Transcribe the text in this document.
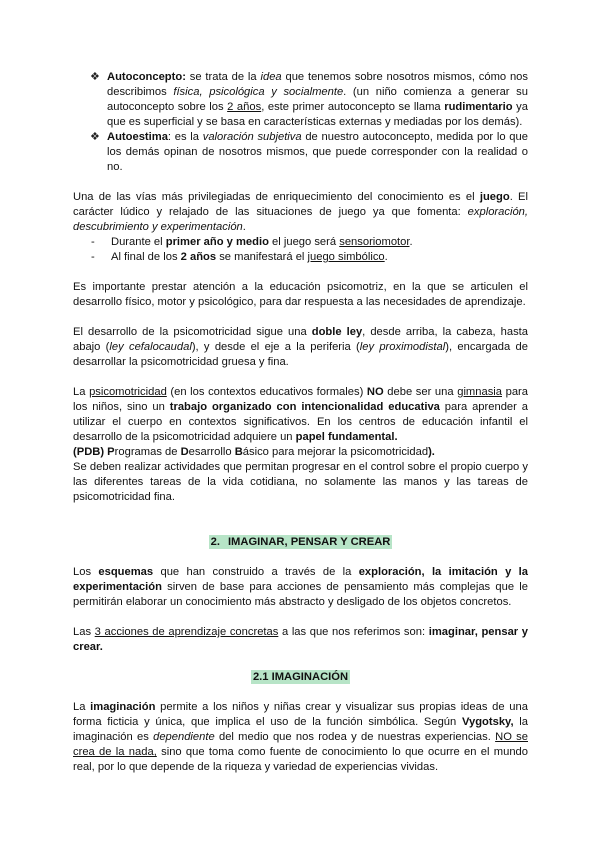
❖ Autoconcepto: se trata de la idea que tenemos sobre nosotros mismos, cómo nos describimos física, psicológica y socialmente. (un niño comienza a generar su autoconcepto sobre los 2 años, este primer autoconcepto se llama rudimentario ya que es superficial y se basa en características externas y mediadas por los demás).
❖ Autoestima: es la valoración subjetiva de nuestro autoconcepto, medida por lo que los demás opinan de nosotros mismos, que puede corresponder con la realidad o no.

Una de las vías más privilegiadas de enriquecimiento del conocimiento es el juego. El carácter lúdico y relajado de las situaciones de juego ya que fomenta: exploración, descubrimiento y experimentación.

- Durante el primer año y medio el juego será sensoriomotor.
- Al final de los 2 años se manifestará el juego simbólico.

Es importante prestar atención a la educación psicomotriz, en la que se articulen el desarrollo físico, motor y psicológico, para dar respuesta a las necesidades de aprendizaje.

El desarrollo de la psicomotricidad sigue una doble ley, desde arriba, la cabeza, hasta abajo (ley cefalocaudal), y desde el eje a la periferia (ley proximodistal), encargada de desarrollar la psicomotricidad gruesa y fina.

La psicomotricidad (en los contextos educativos formales) NO debe ser una gimnasia para los niños, sino un trabajo organizado con intencionalidad educativa para aprender a utilizar el cuerpo en contextos significativos. En los centros de educación infantil el desarrollo de la psicomotricidad adquiere un papel fundamental.

(PDB) Programas de Desarrollo Básico para mejorar la psicomotricidad).

Se deben realizar actividades que permitan progresar en el control sobre el propio cuerpo y las diferentes tareas de la vida cotidiana, no solamente las manos y las tareas de psicomotricidad fina.

2. IMAGINAR, PENSAR Y CREAR

Los esquemas que han construido a través de la exploración, la imitación y la experimentación sirven de base para acciones de pensamiento más complejas que le permitirán elaborar un conocimiento más abstracto y desligado de los objetos concretos.

Las 3 acciones de aprendizaje concretas a las que nos referimos son: imaginar, pensar y crear.

2.1 IMAGINACIÓN

La imaginación permite a los niños y niñas crear y visualizar sus propias ideas de una forma ficticia y única, que implica el uso de la función simbólica. Según Vygotsky, la imaginación es dependiente del medio que nos rodea y de nuestras experiencias. NO se crea de la nada, sino que toma como fuente de conocimiento lo que ocurre en el mundo real, por lo que depende de la riqueza y variedad de experiencias vividas.
